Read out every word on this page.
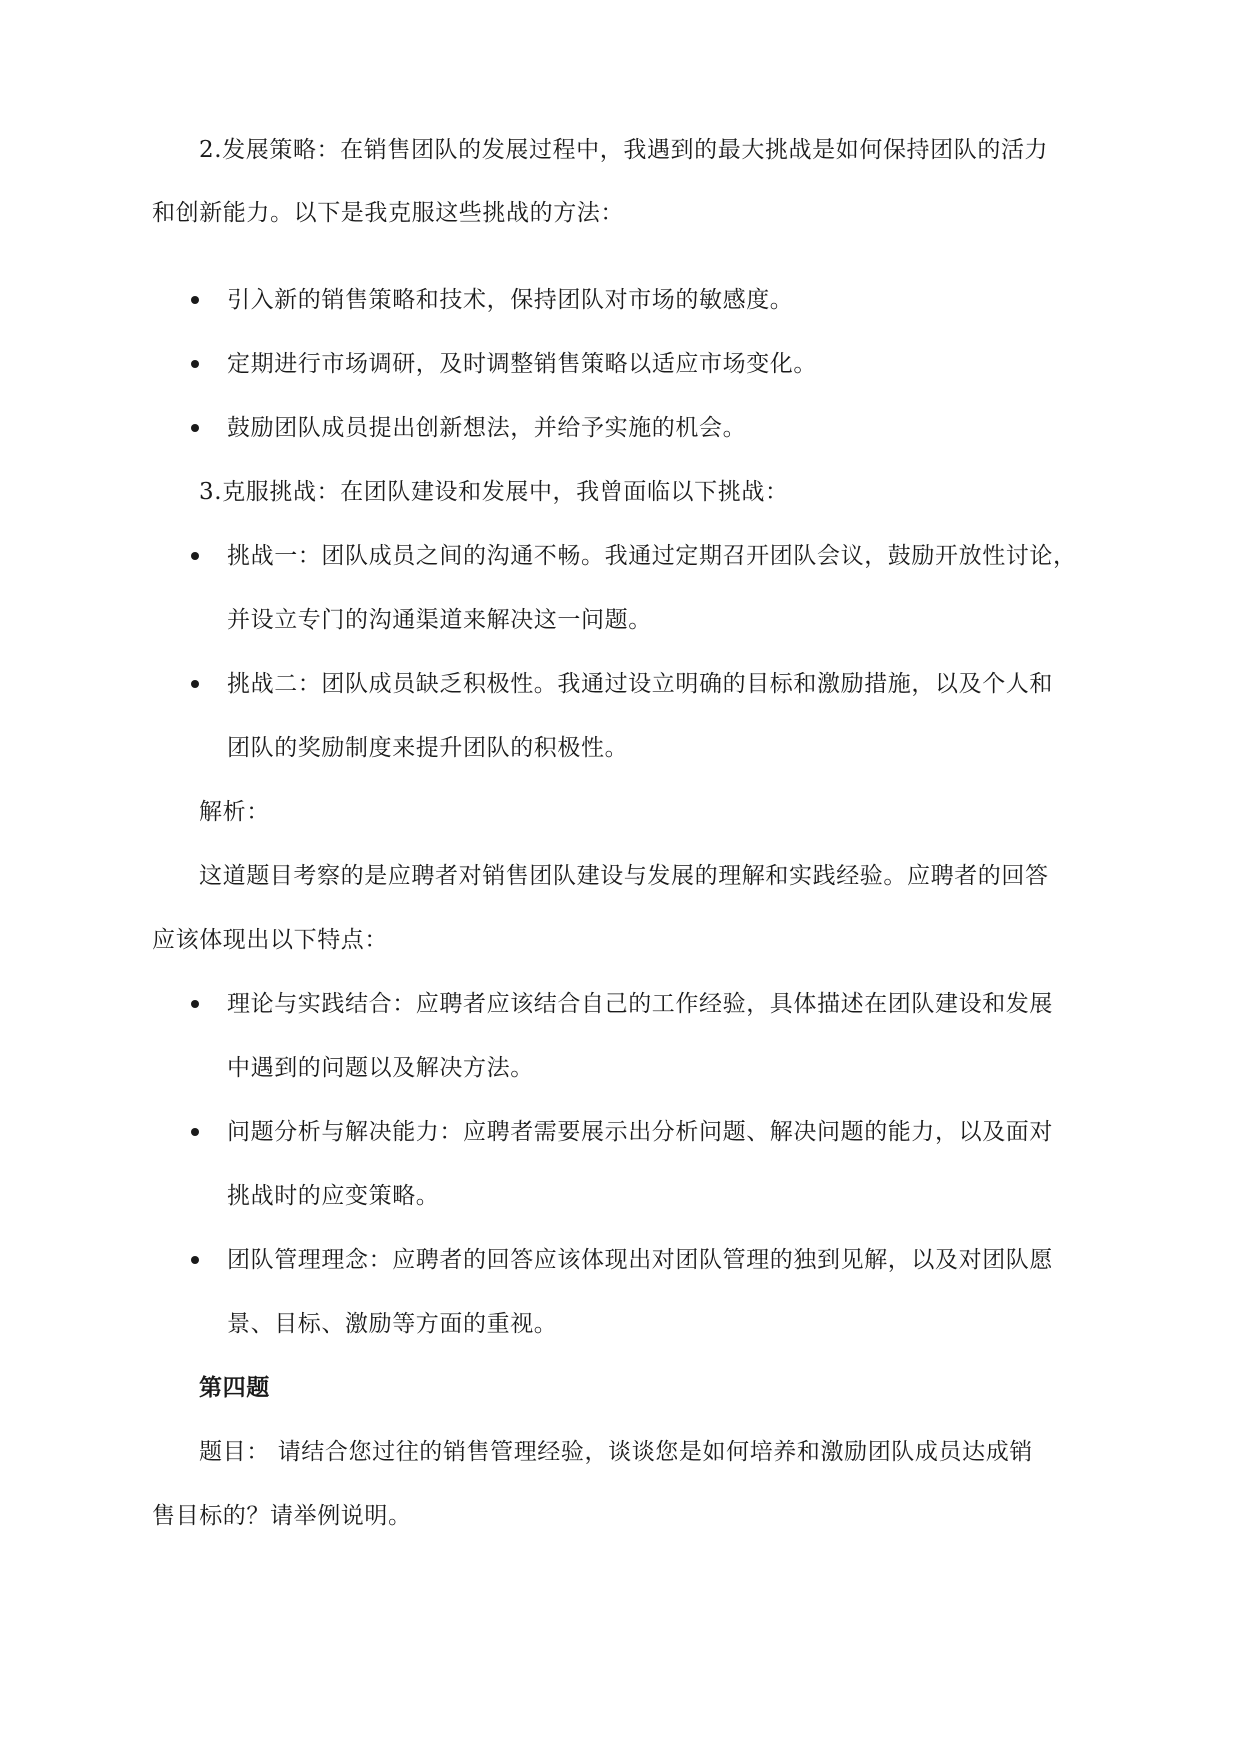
2.发展策略：在销售团队的发展过程中，我遇到的最大挑战是如何保持团队的活力
和创新能力。以下是我克服这些挑战的方法：
引入新的销售策略和技术，保持团队对市场的敏感度。
定期进行市场调研，及时调整销售策略以适应市场变化。
鼓励团队成员提出创新想法，并给予实施的机会。
3.克服挑战：在团队建设和发展中，我曾面临以下挑战：
挑战一：团队成员之间的沟通不畅。我通过定期召开团队会议，鼓励开放性讨论，
并设立专门的沟通渠道来解决这一问题。
挑战二：团队成员缺乏积极性。我通过设立明确的目标和激励措施，以及个人和
团队的奖励制度来提升团队的积极性。
解析：
这道题目考察的是应聘者对销售团队建设与发展的理解和实践经验。应聘者的回答
应该体现出以下特点：
理论与实践结合：应聘者应该结合自己的工作经验，具体描述在团队建设和发展
中遇到的问题以及解决方法。
问题分析与解决能力：应聘者需要展示出分析问题、解决问题的能力，以及面对
挑战时的应变策略。
团队管理理念：应聘者的回答应该体现出对团队管理的独到见解，以及对团队愿
景、目标、激励等方面的重视。
第四题
题目： 请结合您过往的销售管理经验，谈谈您是如何培养和激励团队成员达成销
售目标的？请举例说明。
